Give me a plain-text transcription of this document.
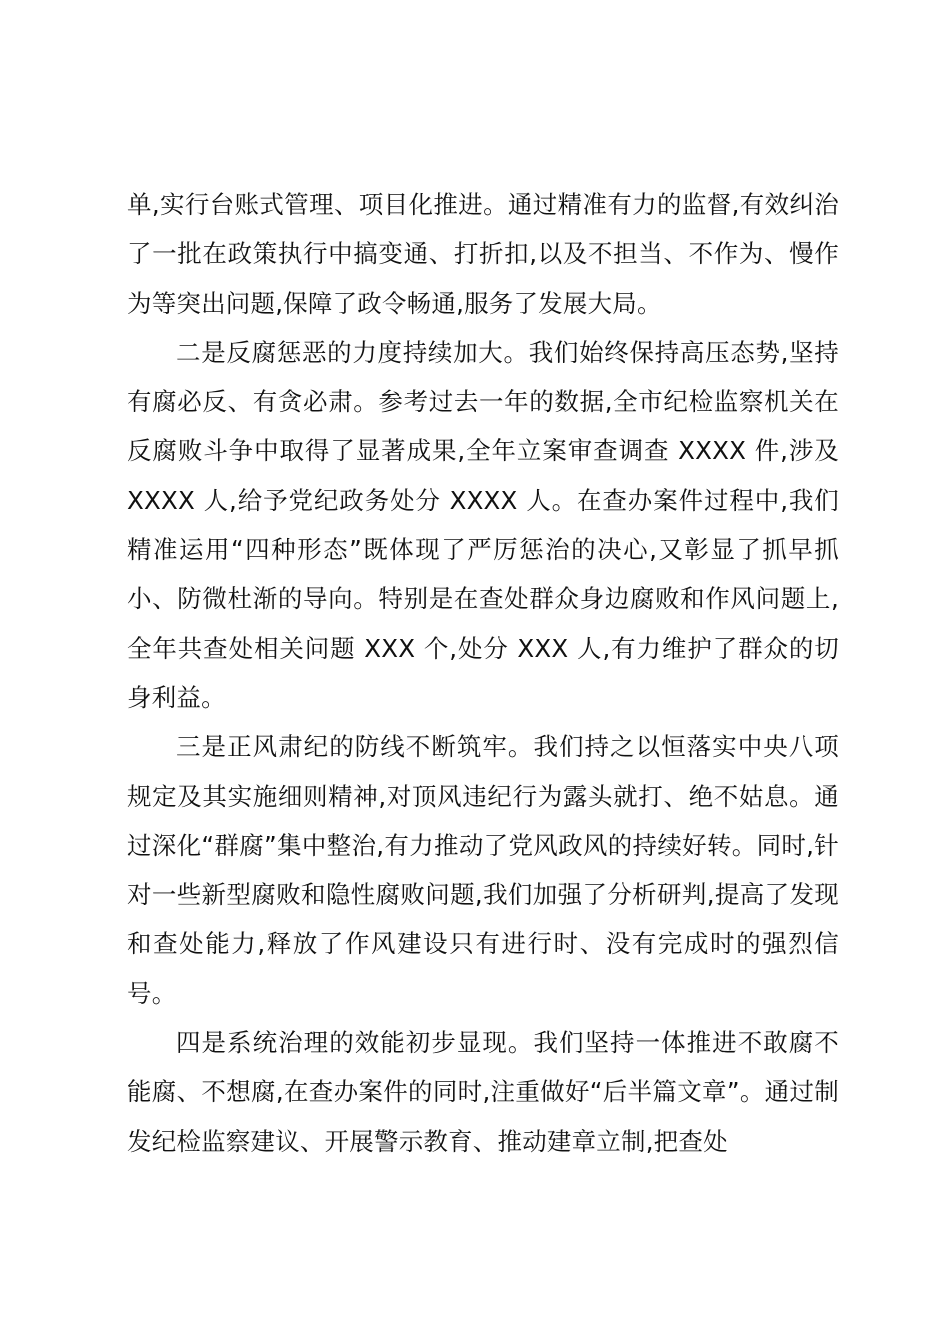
单,实行台账式管理、项目化推进。通过精准有力的监督,有效纠治了一批在政策执行中搞变通、打折扣,以及不担当、不作为、慢作为等突出问题,保障了政令畅通,服务了发展大局。

二是反腐惩恶的力度持续加大。我们始终保持高压态势,坚持有腐必反、有贪必肃。参考过去一年的数据,全市纪检监察机关在反腐败斗争中取得了显著成果,全年立案审查调查 XXXX 件,涉及 XXXX 人,给予党纪政务处分 XXXX 人。在查办案件过程中,我们精准运用“四种形态”既体现了严厉惩治的决心,又彰显了抓早抓小、防微杜渐的导向。特别是在查处群众身边腐败和作风问题上,全年共查处相关问题 XXX 个,处分 XXX 人,有力维护了群众的切身利益。

三是正风肃纪的防线不断筑牢。我们持之以恒落实中央八项规定及其实施细则精神,对顶风违纪行为露头就打、绝不姑息。通过深化“群腐”集中整治,有力推动了党风政风的持续好转。同时,针对一些新型腐败和隐性腐败问题,我们加强了分析研判,提高了发现和查处能力,释放了作风建设只有进行时、没有完成时的强烈信号。

四是系统治理的效能初步显现。我们坚持一体推进不敢腐不能腐、不想腐,在查办案件的同时,注重做好“后半篇文章”。通过制发纪检监察建议、开展警示教育、推动建章立制,把查处
